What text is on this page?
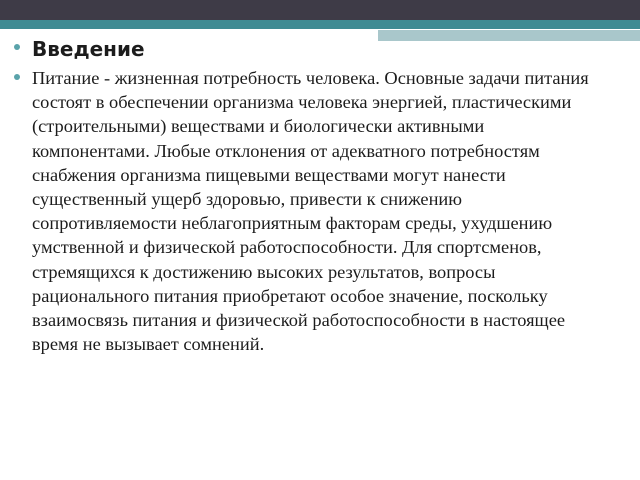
Введение
Питание - жизненная потребность человека. Основные задачи питания состоят в обеспечении организма человека энергией, пластическими (строительными) веществами и биологически активными компонентами. Любые отклонения от адекватного потребностям снабжения организма пищевыми веществами могут нанести существенный ущерб здоровью, привести к снижению сопротивляемости неблагоприятным факторам среды, ухудшению умственной и физической работоспособности. Для спортсменов, стремящихся к достижению высоких результатов, вопросы рационального питания приобретают особое значение, поскольку взаимосвязь питания и физической работоспособности в настоящее время не вызывает сомнений.
